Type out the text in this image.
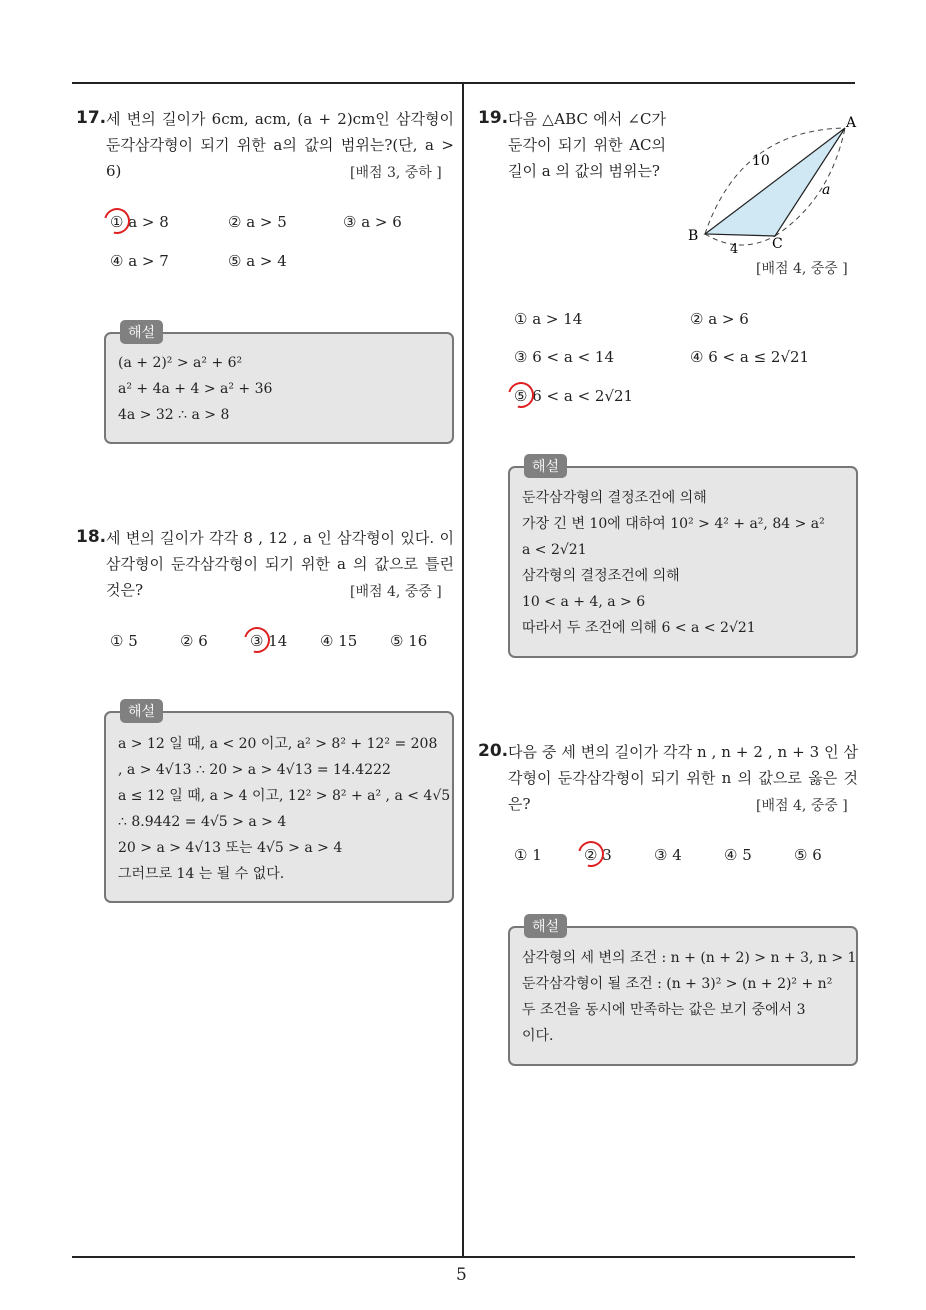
5
17. 세 변의 길이가 6cm, acm, (a + 2)cm인 삼각형이 둔각삼각형이 되기 위한 a의 값의 범위는?(단, a > 6)	[배점 3, 중하 ]
① a > 8	② a > 5	③ a > 6
④ a > 7	⑤ a > 4
해설
(a + 2)² > a² + 6²
a² + 4a + 4 > a² + 36
4a > 32 ∴ a > 8
18. 세 변의 길이가 각각 8 , 12 , a 인 삼각형이 있다. 이 삼각형이 둔각삼각형이 되기 위한 a 의 값으로 틀린 것은?	[배점 4, 중중 ]
① 5	② 6	③ 14 ④ 15 ⑤ 16
해설
a > 12 일 때, a < 20 이고, a² > 8² + 12² = 208
, a > 4√13 ∴ 20 > a > 4√13 = 14.4222
a ≤ 12 일 때, a > 4 이고, 12² > 8² + a² , a < 4√5
∴ 8.9442 = 4√5 > a > 4
20 > a > 4√13 또는 4√5 > a > 4
그러므로 14 는 될 수 없다.
19. 다음 △ABC 에서 ∠C가 둔각이 되기 위한 AC의 길이 a 의 값의 범위는?
A
B	C
10
a
4
[배점 4, 중중 ]
① a > 14	② a > 6
③ 6 < a < 14	④ 6 < a ≤ 2√21
⑤ 6 < a < 2√21
해설
둔각삼각형의 결정조건에 의해
가장 긴 변 10에 대하여 10² > 4² + a², 84 > a²
a < 2√21
삼각형의 결정조건에 의해
10 < a + 4, a > 6
따라서 두 조건에 의해 6 < a < 2√21
20. 다음 중 세 변의 길이가 각각 n , n + 2 , n + 3 인 삼각형이 둔각삼각형이 되기 위한 n 의 값으로 옳은 것은?	[배점 4, 중중 ]
① 1	② 3	③ 4	④ 5	⑤ 6
해설
삼각형의 세 변의 조건 : n + (n + 2) > n + 3, n > 1
둔각삼각형이 될 조건 : (n + 3)² > (n + 2)² + n²
두 조건을 동시에 만족하는 값은 보기 중에서 3
이다.
